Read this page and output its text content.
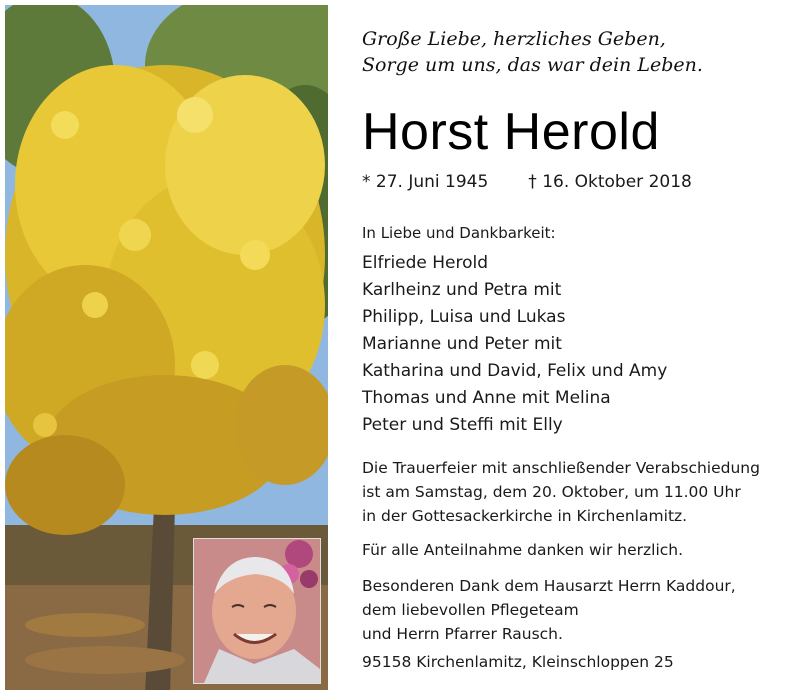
Große Liebe, herzliches Geben,
Sorge um uns, das war dein Leben.
Horst Herold
* 27. Juni 1945 † 16. Oktober 2018
In Liebe und Dankbarkeit:
Elfriede Herold
Karlheinz und Petra mit
Philipp, Luisa und Lukas
Marianne und Peter mit
Katharina und David, Felix und Amy
Thomas und Anne mit Melina
Peter und Steffi mit Elly
Die Trauerfeier mit anschließender Verabschiedung
ist am Samstag, dem 20. Oktober, um 11.00 Uhr
in der Gottesackerkirche in Kirchenlamitz.
Für alle Anteilnahme danken wir herzlich.
Besonderen Dank dem Hausarzt Herrn Kaddour,
dem liebevollen Pflegeteam
und Herrn Pfarrer Rausch.
95158 Kirchenlamitz, Kleinschloppen 25
